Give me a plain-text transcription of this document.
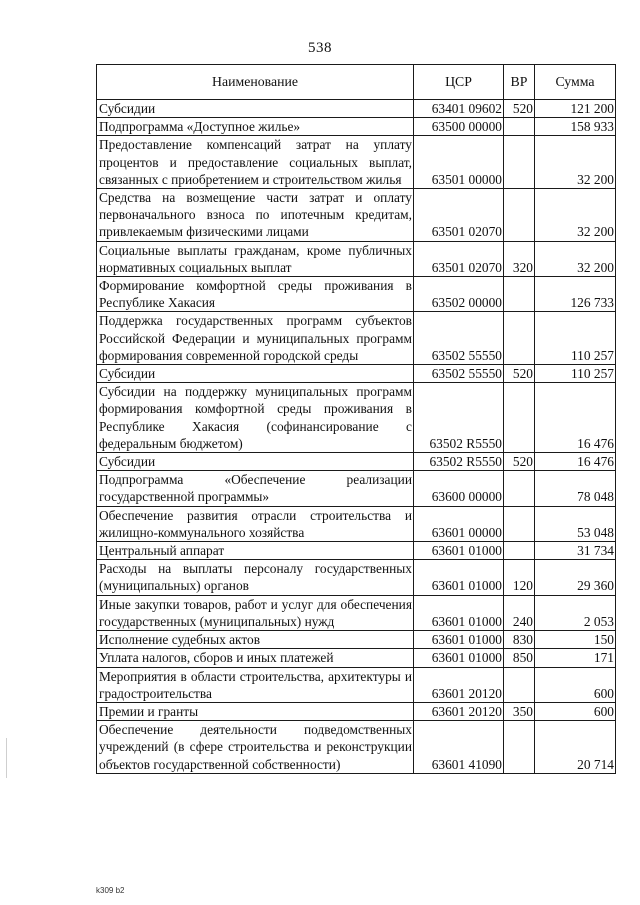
538
Наименование	ЦСР	ВР	Сумма
Субсидии	63401 09602	520	121 200
Подпрограмма «Доступное жилье»	63500 00000		158 933
Предоставление компенсаций затрат на уплату процентов и предоставление социальных выплат, связанных с приобретением и строительством жилья	63501 00000		32 200
Средства на возмещение части затрат и оплату первоначального взноса по ипотечным кредитам, привлекаемым физическими лицами	63501 02070		32 200
Социальные выплаты гражданам, кроме публичных нормативных социальных выплат	63501 02070	320	32 200
Формирование комфортной среды проживания в Республике Хакасия	63502 00000		126 733
Поддержка государственных программ субъектов Российской Федерации и муниципальных программ формирования современной городской среды	63502 55550		110 257
Субсидии	63502 55550	520	110 257
Субсидии на поддержку муниципальных программ формирования комфортной среды проживания в Республике Хакасия (софинансирование с федеральным бюджетом)	63502 R5550		16 476
Субсидии	63502 R5550	520	16 476
Подпрограмма «Обеспечение реализации государственной программы»	63600 00000		78 048
Обеспечение развития отрасли строительства и жилищно-коммунального хозяйства	63601 00000		53 048
Центральный аппарат	63601 01000		31 734
Расходы на выплаты персоналу государственных (муниципальных) органов	63601 01000	120	29 360
Иные закупки товаров, работ и услуг для обеспечения государственных (муниципальных) нужд	63601 01000	240	2 053
Исполнение судебных актов	63601 01000	830	150
Уплата налогов, сборов и иных платежей	63601 01000	850	171
Мероприятия в области строительства, архитектуры и градостроительства	63601 20120		600
Премии и гранты	63601 20120	350	600
Обеспечение деятельности подведомственных учреждений (в сфере строительства и реконструкции объектов государственной собственности)	63601 41090		20 714
k309 b2
